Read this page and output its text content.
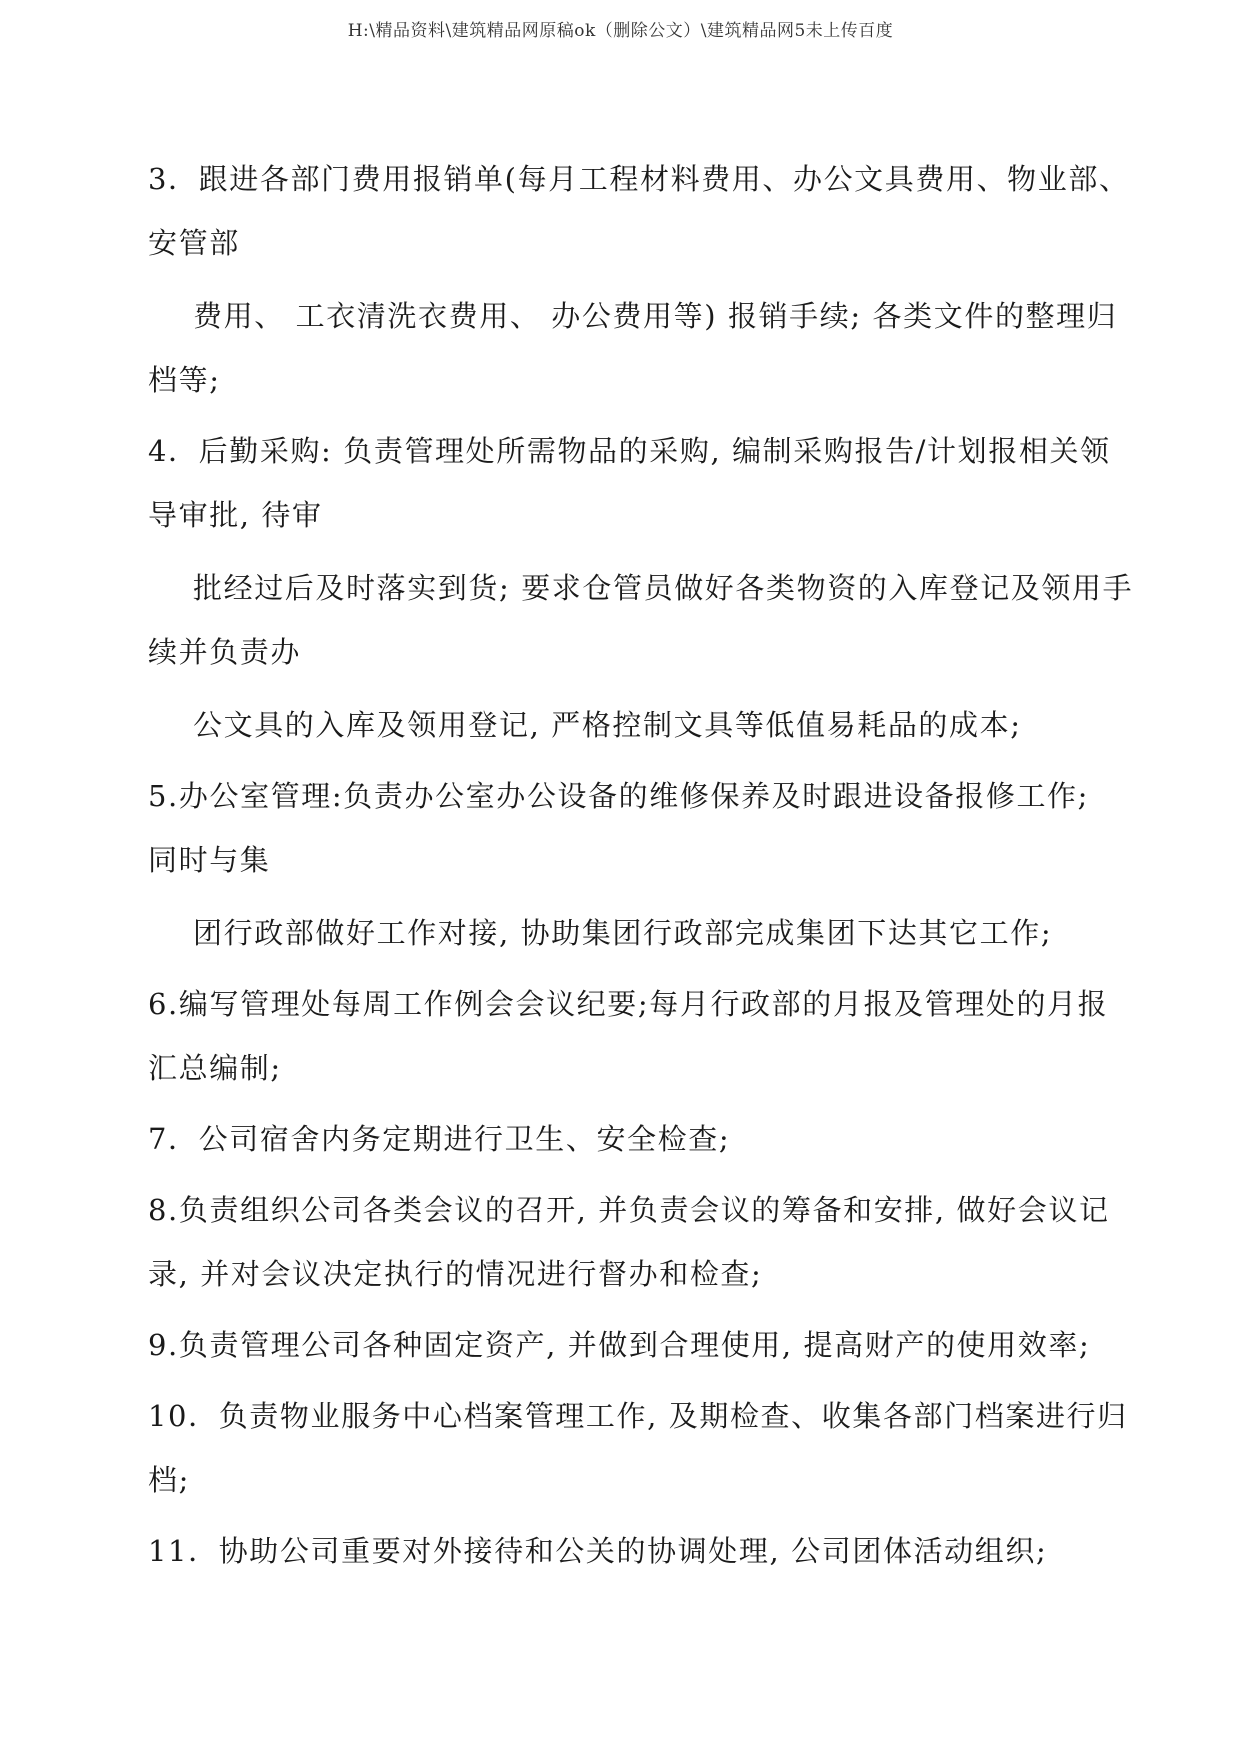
H:\精品资料\建筑精品网原稿ok（删除公文）\建筑精品网5未上传百度
3．跟进各部门费用报销单(每月工程材料费用、办公文具费用、物业部、
安管部
费用、 工衣清洗衣费用、 办公费用等) 报销手续; 各类文件的整理归
档等;
4．后勤采购: 负责管理处所需物品的采购, 编制采购报告/计划报相关领
导审批, 待审
批经过后及时落实到货; 要求仓管员做好各类物资的入库登记及领用手
续并负责办
公文具的入库及领用登记, 严格控制文具等低值易耗品的成本;
5.办公室管理:负责办公室办公设备的维修保养及时跟进设备报修工作;
同时与集
团行政部做好工作对接, 协助集团行政部完成集团下达其它工作;
6.编写管理处每周工作例会会议纪要;每月行政部的月报及管理处的月报
汇总编制;
7．公司宿舍内务定期进行卫生、安全检查;
8.负责组织公司各类会议的召开, 并负责会议的筹备和安排, 做好会议记
录, 并对会议决定执行的情况进行督办和检查;
9.负责管理公司各种固定资产, 并做到合理使用, 提高财产的使用效率;
10．负责物业服务中心档案管理工作, 及期检查、收集各部门档案进行归
档;
11．协助公司重要对外接待和公关的协调处理, 公司团体活动组织;
